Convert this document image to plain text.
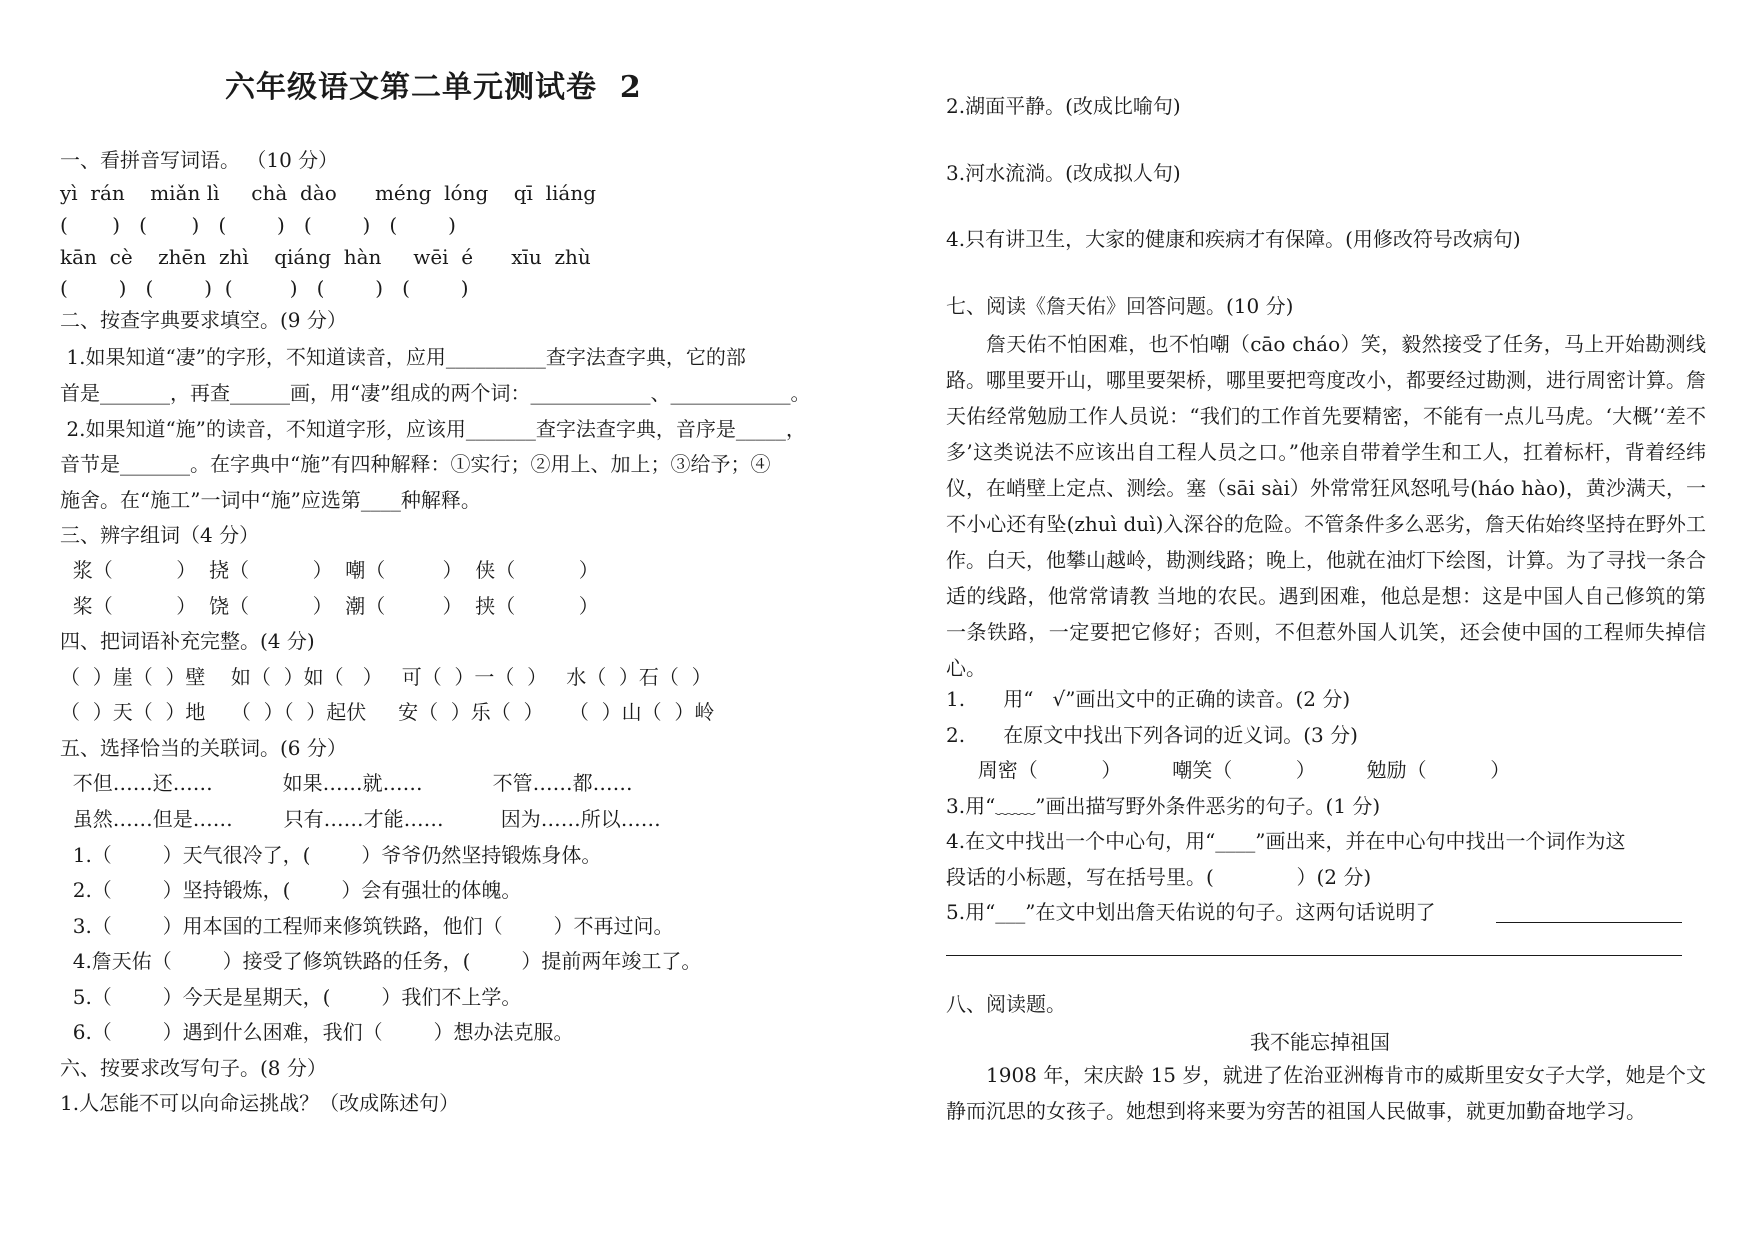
六年级语文第二单元测试卷  2
一、看拼音写词语。 （10 分）
yì  rán    miǎn lì     chà  dào      méng  lóng    qī  liáng
(       )   (       )   (        )   (        )   (        )
kān  cè    zhēn  zhì    qiáng  hàn     wēi  é      xīu  zhù
(        )   (        )  (         )   (        )   (        )
二、按查字典要求填空。(9 分）
1.如果知道“凄”的字形，不知道读音，应用__________查字法查字典，它的部
首是_______，再查______画，用“凄”组成的两个词：____________、____________。
2.如果知道“施”的读音，不知道字形，应该用_______查字法查字典，音序是_____，
音节是_______。在字典中“施”有四种解释：①实行；②用上、加上；③给予；④
施舍。在“施工”一词中“施”应选第____种解释。
三、辨字组词（4 分）
浆（          ）  挠（          ）  嘲（         ）  侠（          ）
桨（          ）  饶（          ）  潮（         ）  挟（          ）
四、把词语补充完整。(4 分)
（  ）崖（  ）壁    如（  ）如（   ）   可（  ）一（  ）   水（  ）石（  ）
（  ）天（  ）地    （  ）（  ）起伏     安（  ）乐（  ）    （  ）山（  ）岭
五、选择恰当的关联词。(6 分）
不但……还……           如果……就……           不管……都……
虽然……但是……        只有……才能……         因为……所以……
1.（        ）天气很冷了，(        ）爷爷仍然坚持锻炼身体。
2.（        ）坚持锻炼，(        ）会有强壮的体魄。
3.（        ）用本国的工程师来修筑铁路，他们（        ）不再过问。
4.詹天佑（        ）接受了修筑铁路的任务，(        ）提前两年竣工了。
5.（        ）今天是星期天，(        ）我们不上学。
6.（        ）遇到什么困难，我们（        ）想办法克服。
六、按要求改写句子。(8 分）
1.人怎能不可以向命运挑战？（改成陈述句）
2.湖面平静。(改成比喻句)
3.河水流淌。(改成拟人句)
4.只有讲卫生，大家的健康和疾病才有保障。(用修改符号改病句)
七、阅读《詹天佑》回答问题。(10 分)

詹天佑不怕困难，也不怕嘲（cāo cháo）笑，毅然接受了任务，马上开始勘测线路。哪里要开山，哪里要架桥，哪里要把弯度改小，都要经过勘测，进行周密计算。詹天佑经常勉励工作人员说：“我们的工作首先要精密，不能有一点儿马虎。‘大概’‘差不多’这类说法不应该出自工程人员之口。”他亲自带着学生和工人，扛着标杆，背着经纬仪，在峭壁上定点、测绘。塞（sāi sài）外常常狂风怒吼号(háo hào)，黄沙满天，一不小心还有坠(zhuì duì)入深谷的危险。不管条件多么恶劣，詹天佑始终坚持在野外工作。白天，他攀山越岭，勘测线路；晚上，他就在油灯下绘图，计算。为了寻找一条合适的线路，他常常请教 当地的农民。遇到困难，他总是想：这是中国人自己修筑的第一条铁路，一定要把它修好；否则，不但惹外国人讥笑，还会使中国的工程师失掉信心。

1.      用“   √”画出文中的正确的读音。(2 分)
2.      在原文中找出下列各词的近义词。(3 分)
周密（          ）        嘲笑（          ）        勉励（          ）
3.用“﹏﹏”画出描写野外条件恶劣的句子。(1 分)
4.在文中找出一个中心句，用“____”画出来，并在中心句中找出一个词作为这
段话的小标题，写在括号里。(             ）(2 分)
5.用“___”在文中划出詹天佑说的句子。这两句话说明了
八、阅读题。
我不能忘掉祖国

1908 年，宋庆龄 15 岁，就进了佐治亚洲梅肯市的威斯里安女子大学，她是个文静而沉思的女孩子。她想到将来要为穷苦的祖国人民做事，就更加勤奋地学习。
